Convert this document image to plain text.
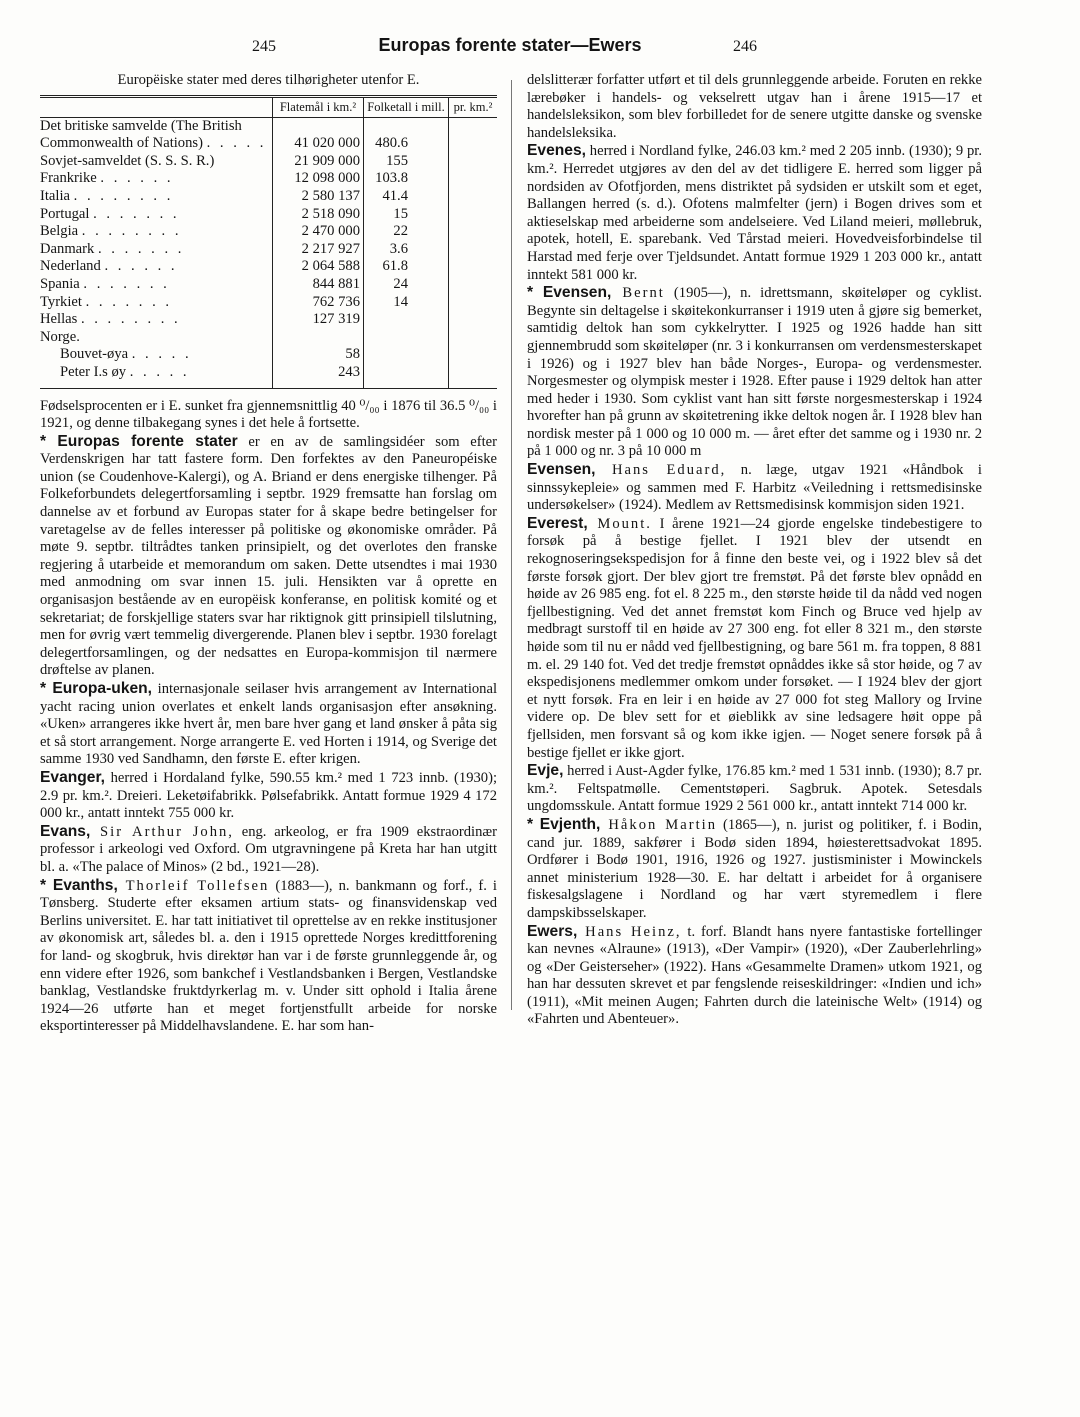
245	Europas forente stater—Ewers	246
Europëiske stater med deres tilhørigheter utenfor E.
	Flatemål i km.²	Folketall i mill.	pr. km.²
Det britiske samvelde (The British Commonwealth of Nations) . . . . .	41 020 000	480.6	
Sovjet-samveldet (S. S. S. R.)	21 909 000	155	
Frankrike . . . . . .	12 098 000	103.8	
Italia . . . . . . . .	2 580 137	41.4	
Portugal . . . . . . .	2 518 090	15	
Belgia . . . . . . . .	2 470 000	22	
Danmark . . . . . . .	2 217 927	3.6	
Nederland . . . . . .	2 064 588	61.8	
Spania . . . . . . .	844 881	24	
Tyrkiet . . . . . . .	762 736	14	
Hellas . . . . . . . .	127 319		
Norge.			
Bouvet-øya . . . . .	58		
Peter I.s øy . . . . .	243		

Fødselsprocenten er i E. sunket fra gjennemsnittlig 40 ⁰/₀₀ i 1876 til 36.5 ⁰/₀₀ i 1921, og denne tilbakegang synes i det hele å fortsette.

* Europas forente stater er en av de samlingsidéer som efter Verdenskrigen har tatt fastere form. Den forfektes av den Paneuropéiske union (se Coudenhove-Kalergi), og A. Briand er dens energiske tilhenger. På Folkeforbundets delegertforsamling i septbr. 1929 fremsatte han forslag om dannelse av et forbund av Europas stater for å skape bedre betingelser for varetagelse av de felles interesser på politiske og økonomiske områder. På møte 9. septbr. tiltrådtes tanken prinsipielt, og det overlotes den franske regjering å utarbeide et memorandum om saken. Dette utsendtes i mai 1930 med anmodning om svar innen 15. juli. Hensikten var å oprette en organisasjon bestående av en europëisk konferanse, en politisk komité og et sekretariat; de forskjellige staters svar har riktignok gitt prinsipiell tilslutning, men for øvrig vært temmelig divergerende. Planen blev i septbr. 1930 forelagt delegertforsamlingen, og der nedsattes en Europa-kommisjon til nærmere drøftelse av planen.

* Europa-uken, internasjonale seilaser hvis arrangement av International yacht racing union overlates et enkelt lands organisasjon efter ansøkning. «Uken» arrangeres ikke hvert år, men bare hver gang et land ønsker å påta sig et så stort arrangement. Norge arrangerte E. ved Horten i 1914, og Sverige det samme 1930 ved Sandhamn, den første E. efter krigen.

Evanger, herred i Hordaland fylke, 590.55 km.² med 1 723 innb. (1930); 2.9 pr. km.². Dreieri. Leketøifabrikk. Pølsefabrikk. Antatt formue 1929 4 172 000 kr., antatt inntekt 755 000 kr.

Evans, Sir Arthur John, eng. arkeolog, er fra 1909 ekstraordinær professor i arkeologi ved Oxford. Om utgravningene på Kreta har han utgitt bl. a. «The palace of Minos» (2 bd., 1921—28).

* Evanths, Thorleif Tollefsen (1883—), n. bankmann og forf., f. i Tønsberg. Studerte efter eksamen artium stats- og finansvidenskap ved Berlins universitet. E. har tatt initiativet til oprettelse av en rekke institusjoner av økonomisk art, således bl. a. den i 1915 oprettede Norges kredittforening for land- og skogbruk, hvis direktør han var i de første grunnleggende år, og enn videre efter 1926, som bankchef i Vestlandsbanken i Bergen, Vestlandske banklag, Vestlandske fruktdyrkerlag m. v. Under sitt ophold i Italia årene 1924—26 utførte han et meget fortjenstfullt arbeide for norske eksportinteresser på Middelhavslandene. E. har som han-

delslitterær forfatter utført et til dels grunnleggende arbeide. Foruten en rekke lærebøker i handels- og vekselrett utgav han i årene 1915—17 et handelsleksikon, som blev forbilledet for de senere utgitte danske og svenske handelsleksika.

Evenes, herred i Nordland fylke, 246.03 km.² med 2 205 innb. (1930); 9 pr. km.². Herredet utgjøres av den del av det tidligere E. herred som ligger på nordsiden av Ofotfjorden, mens distriktet på sydsiden er utskilt som et eget, Ballangen herred (s. d.). Ofotens malmfelter (jern) i Bogen drives som et aktieselskap med arbeiderne som andelseiere. Ved Liland meieri, møllebruk, apotek, hotell, E. sparebank. Ved Tårstad meieri. Hovedveisforbindelse til Harstad med ferje over Tjeldsundet. Antatt formue 1929 1 203 000 kr., antatt inntekt 581 000 kr.

* Evensen, Bernt (1905—), n. idrettsmann, skøiteløper og cyklist. Begynte sin deltagelse i skøitekonkurranser i 1919 uten å gjøre sig bemerket, samtidig deltok han som cykkelrytter. I 1925 og 1926 hadde han sitt gjennembrudd som skøiteløper (nr. 3 i konkurransen om verdensmesterskapet i 1926) og i 1927 blev han både Norges-, Europa- og verdensmester. Norgesmester og olympisk mester i 1928. Efter pause i 1929 deltok han atter med heder i 1930. Som cyklist vant han sitt første norgesmesterskap i 1924 hvorefter han på grunn av skøitetrening ikke deltok nogen år. I 1928 blev han nordisk mester på 1 000 og 10 000 m. — året efter det samme og i 1930 nr. 2 på 1 000 og nr. 3 på 10 000 m

Evensen, Hans Eduard, n. læge, utgav 1921 «Håndbok i sinnssykepleie» og sammen med F. Harbitz «Veiledning i rettsmedisinske undersøkelser» (1924). Medlem av Rettsmedisinsk kommisjon siden 1921.

Everest, Mount. I årene 1921—24 gjorde engelske tindebestigere to forsøk på å bestige fjellet. I 1921 blev der utsendt en rekognoseringsekspedisjon for å finne den beste vei, og i 1922 blev så det første forsøk gjort. Der blev gjort tre fremstøt. På det første blev opnådd en høide av 26 985 eng. fot el. 8 225 m., den største høide til da nådd ved nogen fjellbestigning. Ved det annet fremstøt kom Finch og Bruce ved hjelp av medbragt surstoff til en høide av 27 300 eng. fot eller 8 321 m., den største høide som til nu er nådd ved fjellbestigning, og bare 561 m. fra toppen, 8 881 m. el. 29 140 fot. Ved det tredje fremstøt opnåddes ikke så stor høide, og 7 av ekspedisjonens medlemmer omkom under forsøket. — I 1924 blev der gjort et nytt forsøk. Fra en leir i en høide av 27 000 fot steg Mallory og Irvine videre op. De blev sett for et øieblikk av sine ledsagere høit oppe på fjellsiden, men forsvant så og kom ikke igjen. — Noget senere forsøk på å bestige fjellet er ikke gjort.

Evje, herred i Aust-Agder fylke, 176.85 km.² med 1 531 innb. (1930); 8.7 pr. km.². Feltspatmølle. Cementstøperi. Sagbruk. Apotek. Setesdals ungdomsskule. Antatt formue 1929 2 561 000 kr., antatt inntekt 714 000 kr.

* Evjenth, Håkon Martin (1865—), n. jurist og politiker, f. i Bodin, cand jur. 1889, sakfører i Bodø siden 1894, høiesterettsadvokat 1895. Ordfører i Bodø 1901, 1916, 1926 og 1927. justisminister i Mowinckels annet ministerium 1928—30. E. har deltatt i arbeidet for å organisere fiskesalgslagene i Nordland og har vært styremedlem i flere dampskibsselskaper.

Ewers, Hans Heinz, t. forf. Blandt hans nyere fantastiske fortellinger kan nevnes «Alraune» (1913), «Der Vampir» (1920), «Der Zauberlehrling» og «Der Geisterseher» (1922). Hans «Gesammelte Dramen» utkom 1921, og han har dessuten skrevet et par fengslende reiseskildringer: «Indien und ich» (1911), «Mit meinen Augen; Fahrten durch die lateinische Welt» (1914) og «Fahrten und Abenteuer».
